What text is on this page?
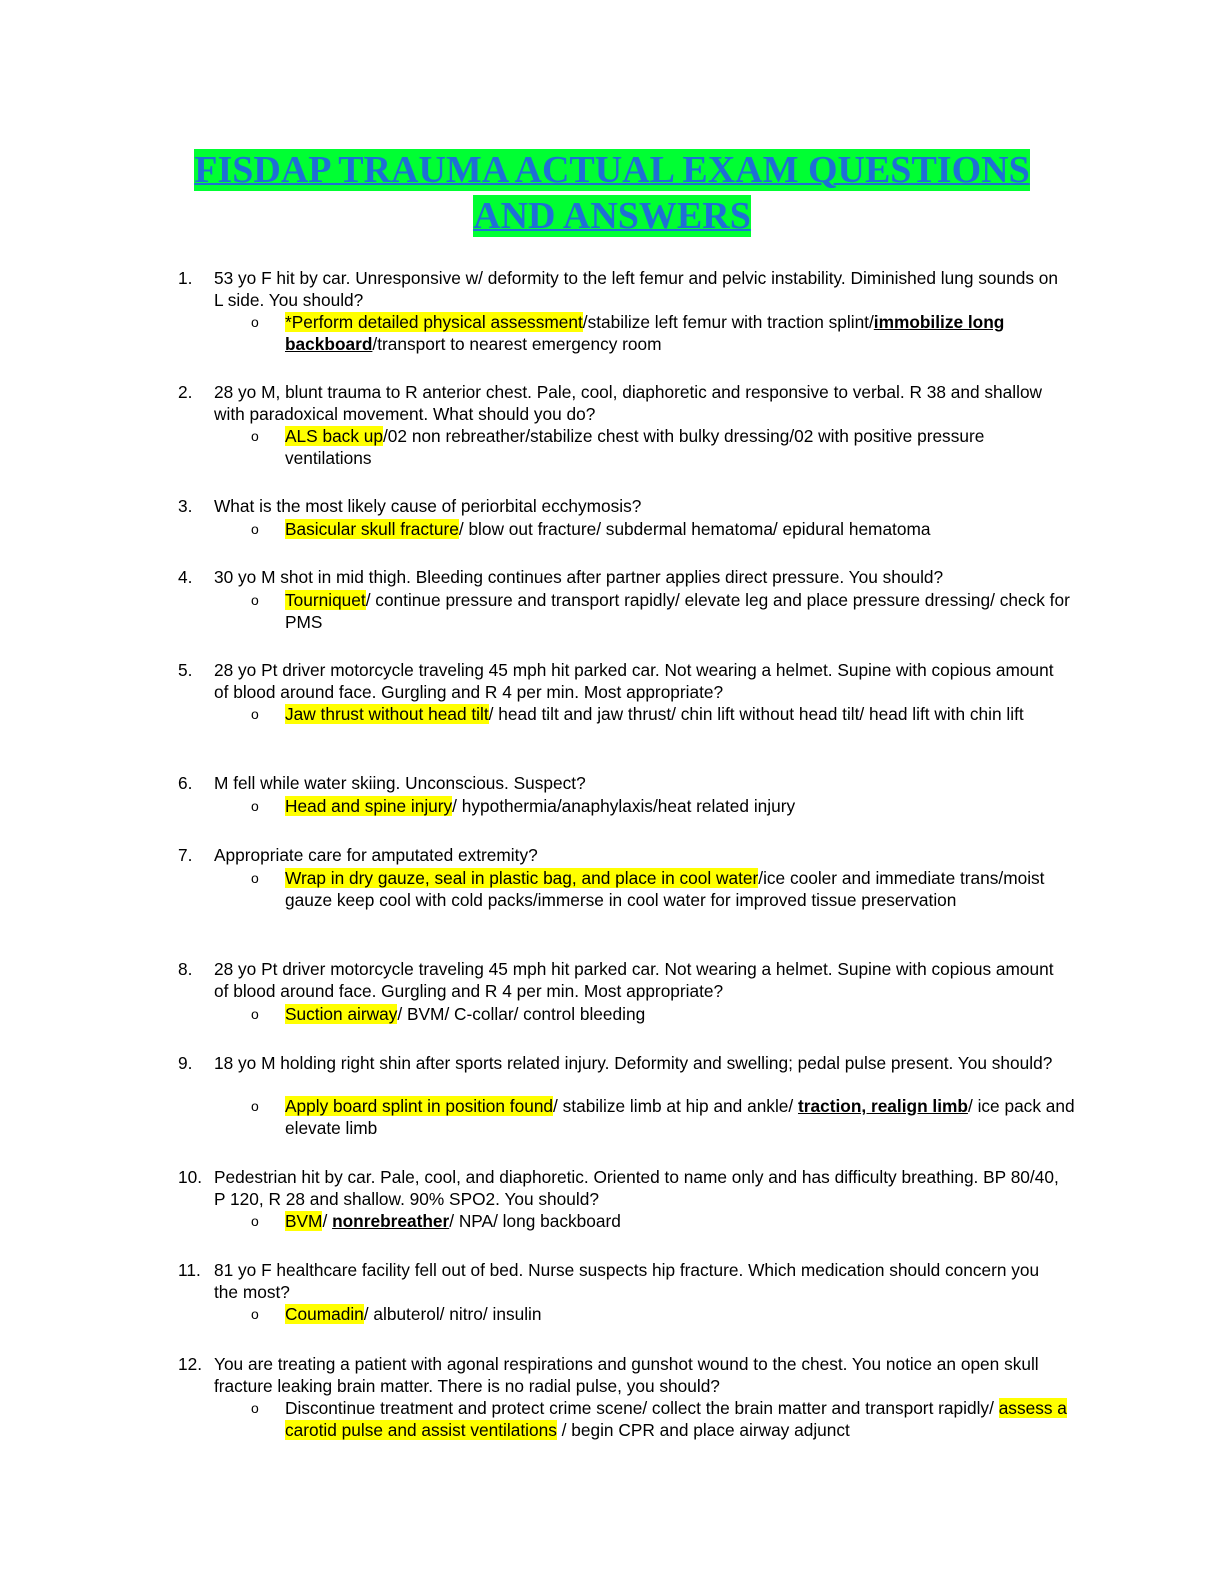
FISDAP TRAUMA ACTUAL EXAM QUESTIONS
AND ANSWERS
1. 53 yo F hit by car. Unresponsive w/ deformity to the left femur and pelvic instability. Diminished lung sounds on L side. You should?
o *Perform detailed physical assessment/stabilize left femur with traction splint/immobilize long backboard/transport to nearest emergency room
2. 28 yo M, blunt trauma to R anterior chest. Pale, cool, diaphoretic and responsive to verbal. R 38 and shallow with paradoxical movement. What should you do?
o ALS back up/02 non rebreather/stabilize chest with bulky dressing/02 with positive pressure ventilations
3. What is the most likely cause of periorbital ecchymosis?
o Basicular skull fracture/ blow out fracture/ subdermal hematoma/ epidural hematoma
4. 30 yo M shot in mid thigh. Bleeding continues after partner applies direct pressure. You should?
o Tourniquet/ continue pressure and transport rapidly/ elevate leg and place pressure dressing/ check for PMS
5. 28 yo Pt driver motorcycle traveling 45 mph hit parked car. Not wearing a helmet. Supine with copious amount of blood around face. Gurgling and R 4 per min. Most appropriate?
o Jaw thrust without head tilt/ head tilt and jaw thrust/ chin lift without head tilt/ head lift with chin lift
6. M fell while water skiing. Unconscious. Suspect?
o Head and spine injury/ hypothermia/anaphylaxis/heat related injury
7. Appropriate care for amputated extremity?
o Wrap in dry gauze, seal in plastic bag, and place in cool water/ice cooler and immediate trans/moist gauze keep cool with cold packs/immerse in cool water for improved tissue preservation
8. 28 yo Pt driver motorcycle traveling 45 mph hit parked car. Not wearing a helmet. Supine with copious amount of blood around face. Gurgling and R 4 per min. Most appropriate?
o Suction airway/ BVM/ C-collar/ control bleeding
9. 18 yo M holding right shin after sports related injury. Deformity and swelling; pedal pulse present. You should?
o Apply board splint in position found/ stabilize limb at hip and ankle/ traction, realign limb/ ice pack and elevate limb
10. Pedestrian hit by car. Pale, cool, and diaphoretic. Oriented to name only and has difficulty breathing. BP 80/40, P 120, R 28 and shallow. 90% SPO2. You should?
o BVM/ nonrebreather/ NPA/ long backboard
11. 81 yo F healthcare facility fell out of bed. Nurse suspects hip fracture. Which medication should concern you the most?
o Coumadin/ albuterol/ nitro/ insulin
12. You are treating a patient with agonal respirations and gunshot wound to the chest. You notice an open skull fracture leaking brain matter. There is no radial pulse, you should?
o Discontinue treatment and protect crime scene/ collect the brain matter and transport rapidly/ assess a carotid pulse and assist ventilations / begin CPR and place airway adjunct
